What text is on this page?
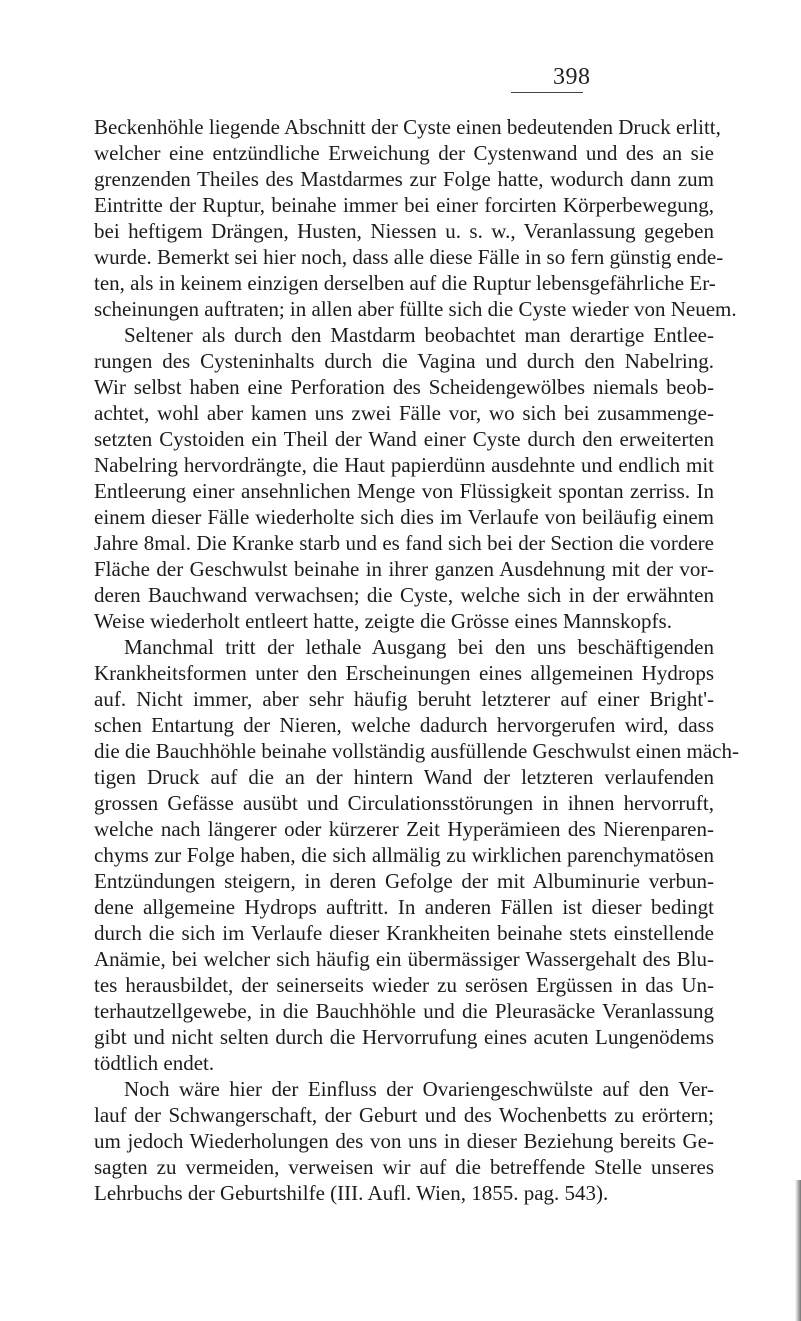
398
Beckenhöhle liegende Abschnitt der Cyste einen bedeutenden Druck erlitt,
welcher eine entzündliche Erweichung der Cystenwand und des an sie
grenzenden Theiles des Mastdarmes zur Folge hatte, wodurch dann zum
Eintritte der Ruptur, beinahe immer bei einer forcirten Körperbewegung,
bei heftigem Drängen, Husten, Niessen u. s. w., Veranlassung gegeben
wurde. Bemerkt sei hier noch, dass alle diese Fälle in so fern günstig ende-
ten, als in keinem einzigen derselben auf die Ruptur lebensgefährliche Er-
scheinungen auftraten; in allen aber füllte sich die Cyste wieder von Neuem.
Seltener als durch den Mastdarm beobachtet man derartige Entlee-
rungen des Cysteninhalts durch die Vagina und durch den Nabelring.
Wir selbst haben eine Perforation des Scheidengewölbes niemals beob-
achtet, wohl aber kamen uns zwei Fälle vor, wo sich bei zusammenge-
setzten Cystoiden ein Theil der Wand einer Cyste durch den erweiterten
Nabelring hervordrängte, die Haut papierdünn ausdehnte und endlich mit
Entleerung einer ansehnlichen Menge von Flüssigkeit spontan zerriss. In
einem dieser Fälle wiederholte sich dies im Verlaufe von beiläufig einem
Jahre 8mal. Die Kranke starb und es fand sich bei der Section die vordere
Fläche der Geschwulst beinahe in ihrer ganzen Ausdehnung mit der vor-
deren Bauchwand verwachsen; die Cyste, welche sich in der erwähnten
Weise wiederholt entleert hatte, zeigte die Grösse eines Mannskopfs.
Manchmal tritt der lethale Ausgang bei den uns beschäftigenden
Krankheitsformen unter den Erscheinungen eines allgemeinen Hydrops
auf. Nicht immer, aber sehr häufig beruht letzterer auf einer Bright'-
schen Entartung der Nieren, welche dadurch hervorgerufen wird, dass
die die Bauchhöhle beinahe vollständig ausfüllende Geschwulst einen mäch-
tigen Druck auf die an der hintern Wand der letzteren verlaufenden
grossen Gefässe ausübt und Circulationsstörungen in ihnen hervorruft,
welche nach längerer oder kürzerer Zeit Hyperämieen des Nierenparen-
chyms zur Folge haben, die sich allmälig zu wirklichen parenchymatösen
Entzündungen steigern, in deren Gefolge der mit Albuminurie verbun-
dene allgemeine Hydrops auftritt. In anderen Fällen ist dieser bedingt
durch die sich im Verlaufe dieser Krankheiten beinahe stets einstellende
Anämie, bei welcher sich häufig ein übermässiger Wassergehalt des Blu-
tes herausbildet, der seinerseits wieder zu serösen Ergüssen in das Un-
terhautzellgewebe, in die Bauchhöhle und die Pleurasäcke Veranlassung
gibt und nicht selten durch die Hervorrufung eines acuten Lungenödems
tödtlich endet.
Noch wäre hier der Einfluss der Ovariengeschwülste auf den Ver-
lauf der Schwangerschaft, der Geburt und des Wochenbetts zu erörtern;
um jedoch Wiederholungen des von uns in dieser Beziehung bereits Ge-
sagten zu vermeiden, verweisen wir auf die betreffende Stelle unseres
Lehrbuchs der Geburtshilfe (III. Aufl. Wien, 1855. pag. 543).
